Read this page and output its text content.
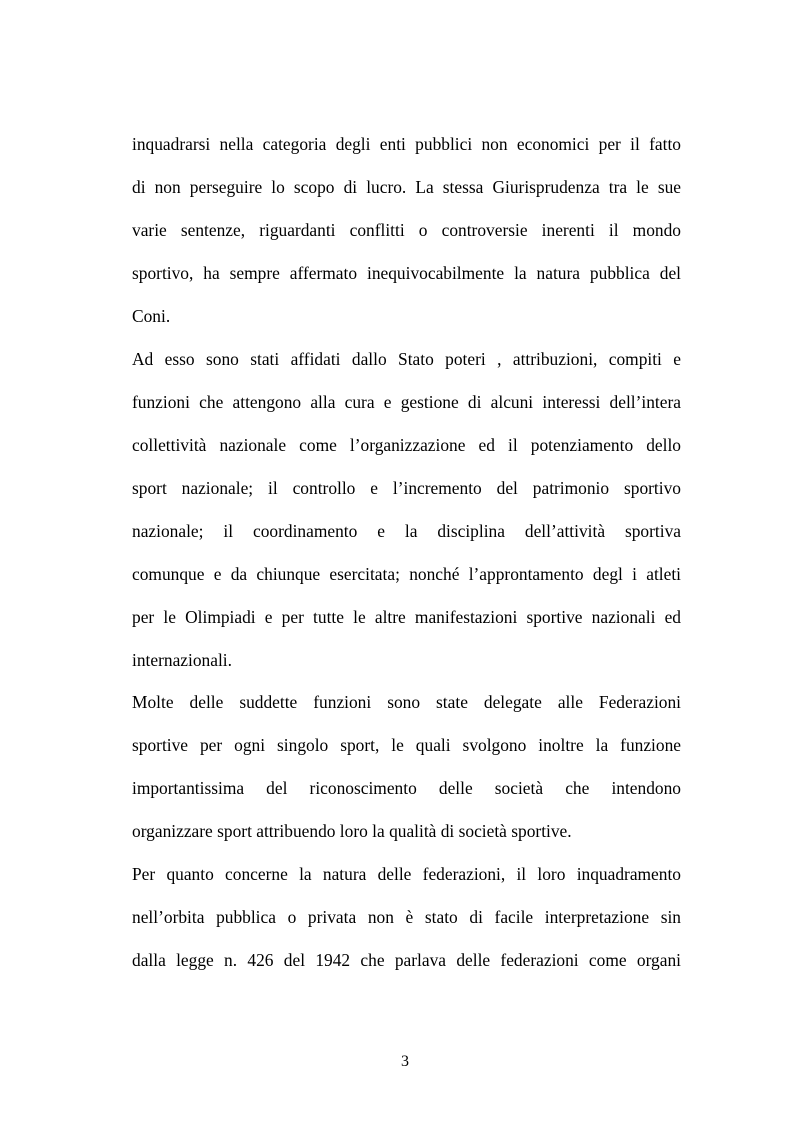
inquadrarsi nella categoria degli enti pubblici non economici per il fatto
di non perseguire lo scopo di lucro. La stessa Giurisprudenza tra le sue
varie sentenze, riguardanti conflitti o controversie inerenti il mondo
sportivo, ha sempre affermato inequivocabilmente la natura pubblica del
Coni.
Ad esso sono stati affidati dallo Stato poteri , attribuzioni, compiti e
funzioni che attengono alla cura e gestione di alcuni interessi dell’intera
collettività nazionale come l’organizzazione ed il potenziamento dello
sport nazionale; il controllo e l’incremento del patrimonio sportivo
nazionale; il coordinamento e la disciplina dell’attività sportiva
comunque e da chiunque esercitata; nonché l’approntamento degl i atleti
per le Olimpiadi e per tutte le altre manifestazioni sportive nazionali ed
internazionali.
Molte delle suddette funzioni sono state delegate alle Federazioni
sportive per ogni singolo sport, le quali svolgono inoltre la funzione
importantissima del riconoscimento delle società che intendono
organizzare sport attribuendo loro la qualità di società sportive.
Per quanto concerne la natura delle federazioni, il loro inquadramento
nell’orbita pubblica o privata non è stato di facile interpretazione sin
dalla legge n. 426 del 1942 che parlava delle federazioni come organi
3
